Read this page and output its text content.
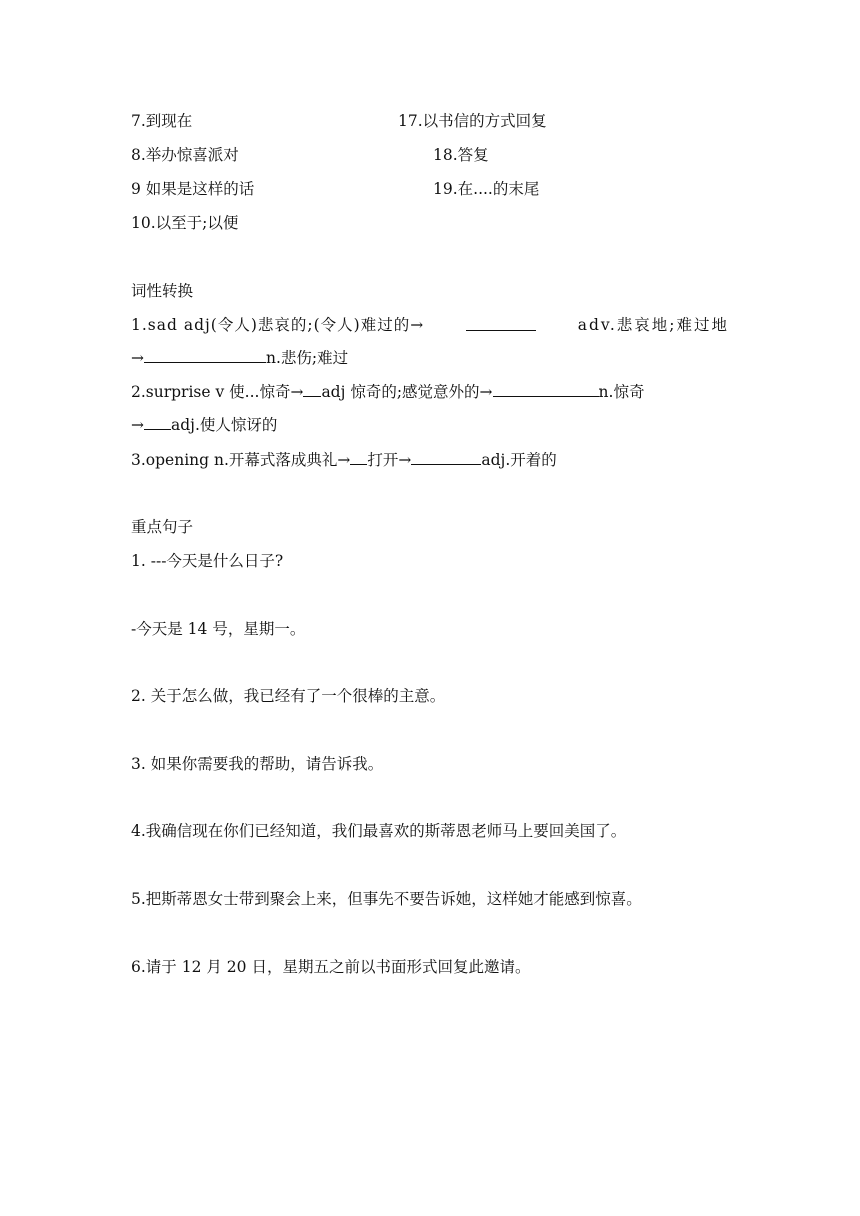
7.到现在	17.以书信的方式回复
8.举办惊喜派对	18.答复
9 如果是这样的话	19.在....的末尾
10.以至于;以便
词性转换
1.sad adj(令人)悲哀的;(令人)难过的→	adv.悲哀地;难过地
→	n.悲伤;难过
2.surprise v 使...惊奇→ adj 惊奇的;感觉意外的→	n.惊奇
→ adj.使人惊讶的
3.opening n.开幕式落成典礼→ 打开→	adj.开着的
重点句子
1. ---今天是什么日子?
-今天是 14 号，星期一。
2. 关于怎么做，我已经有了一个很棒的主意。
3. 如果你需要我的帮助，请告诉我。
4.我确信现在你们已经知道，我们最喜欢的斯蒂恩老师马上要回美国了。
5.把斯蒂恩女士带到聚会上来，但事先不要告诉她，这样她才能感到惊喜。
6.请于 12 月 20 日，星期五之前以书面形式回复此邀请。
